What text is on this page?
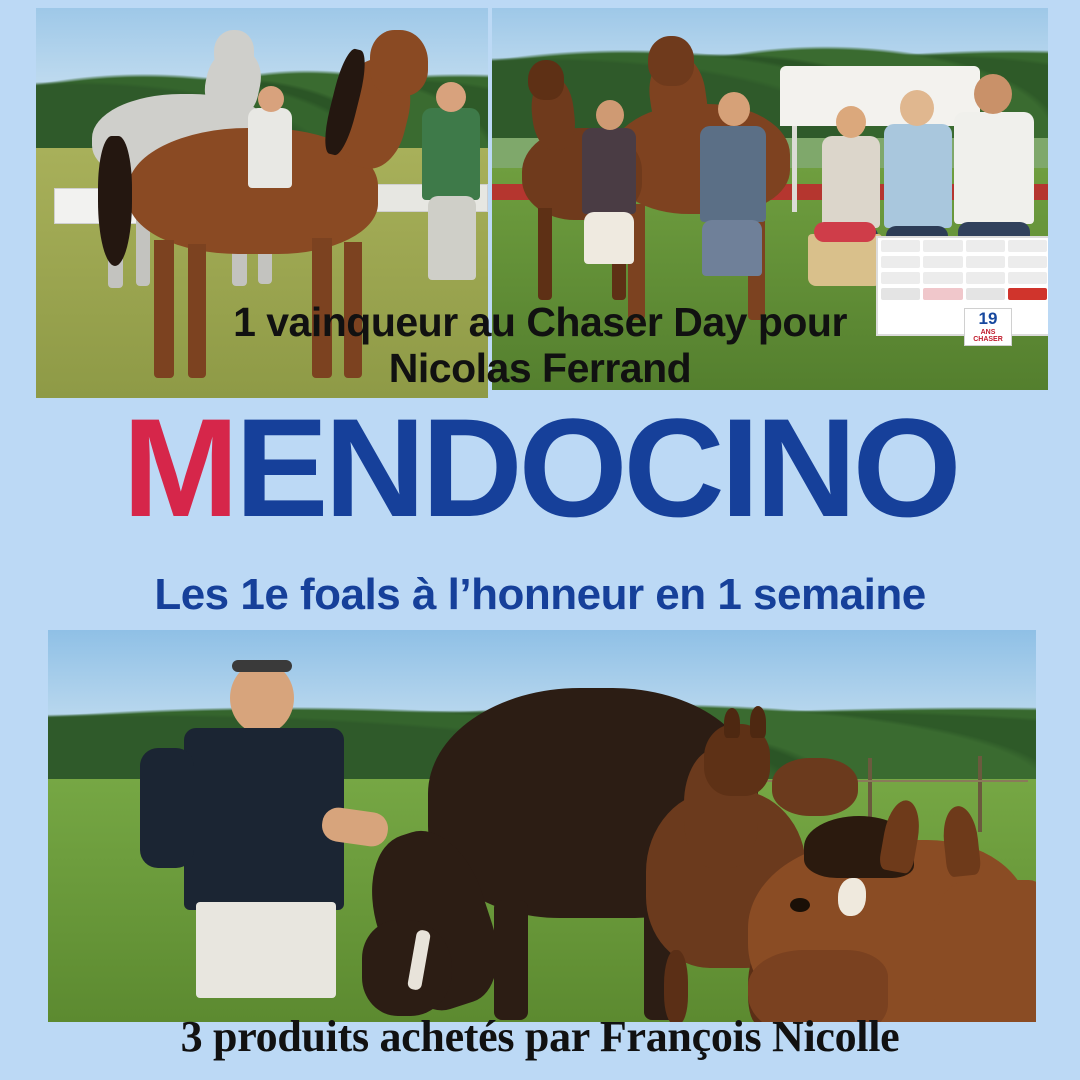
19
ANS
CHASER
1 vainqueur au Chaser Day pour
Nicolas Ferrand
MENDOCINO
Les 1e foals à l’honneur en 1 semaine
3 produits achetés par François Nicolle
